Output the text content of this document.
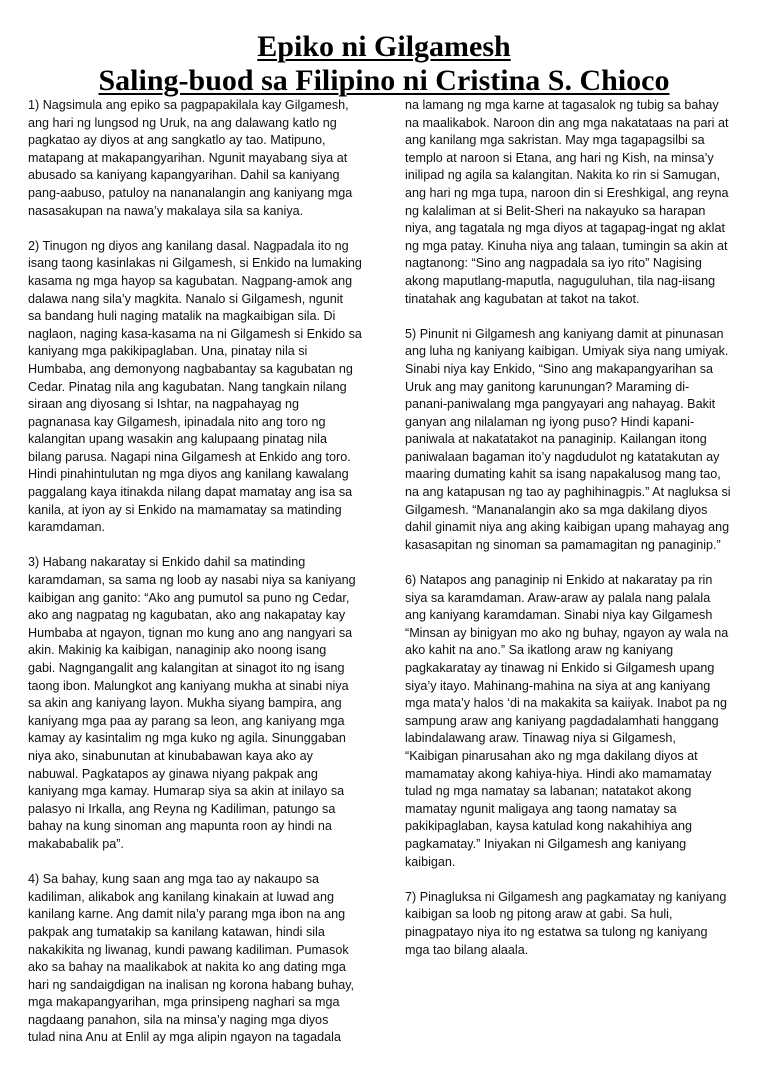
Epiko ni Gilgamesh
Saling-buod sa Filipino ni Cristina S. Chioco

1) Nagsimula ang epiko sa pagpapakilala kay Gilgamesh,
ang hari ng lungsod ng Uruk, na ang dalawang katlo ng
pagkatao ay diyos at ang sangkatlo ay tao. Matipuno,
matapang at makapangyarihan. Ngunit mayabang siya at
abusado sa kaniyang kapangyarihan. Dahil sa kaniyang
pang-aabuso, patuloy na nananalangin ang kaniyang mga
nasasakupan na nawa’y makalaya sila sa kaniya.

2) Tinugon ng diyos ang kanilang dasal. Nagpadala ito ng
isang taong kasinlakas ni Gilgamesh, si Enkido na lumaking
kasama ng mga hayop sa kagubatan. Nagpang-amok ang
dalawa nang sila’y magkita. Nanalo si Gilgamesh, ngunit
sa bandang huli naging matalik na magkaibigan sila. Di
naglaon, naging kasa-kasama na ni Gilgamesh si Enkido sa
kaniyang mga pakikipaglaban. Una, pinatay nila si
Humbaba, ang demonyong nagbabantay sa kagubatan ng
Cedar. Pinatag nila ang kagubatan. Nang tangkain nilang
siraan ang diyosang si Ishtar, na nagpahayag ng
pagnanasa kay Gilgamesh, ipinadala nito ang toro ng
kalangitan upang wasakin ang kalupaang pinatag nila
bilang parusa. Nagapi nina Gilgamesh at Enkido ang toro.
Hindi pinahintulutan ng mga diyos ang kanilang kawalang
paggalang kaya itinakda nilang dapat mamatay ang isa sa
kanila, at iyon ay si Enkido na mamamatay sa matinding
karamdaman.

3) Habang nakaratay si Enkido dahil sa matinding
karamdaman, sa sama ng loob ay nasabi niya sa kaniyang
kaibigan ang ganito: “Ako ang pumutol sa puno ng Cedar,
ako ang nagpatag ng kagubatan, ako ang nakapatay kay
Humbaba at ngayon, tignan mo kung ano ang nangyari sa
akin. Makinig ka kaibigan, nanaginip ako noong isang
gabi. Nagngangalit ang kalangitan at sinagot ito ng isang
taong ibon. Malungkot ang kaniyang mukha at sinabi niya
sa akin ang kaniyang layon. Mukha siyang bampira, ang
kaniyang mga paa ay parang sa leon, ang kaniyang mga
kamay ay kasintalim ng mga kuko ng agila. Sinunggaban
niya ako, sinabunutan at kinubabawan kaya ako ay
nabuwal. Pagkatapos ay ginawa niyang pakpak ang
kaniyang mga kamay. Humarap siya sa akin at inilayo sa
palasyo ni Irkalla, ang Reyna ng Kadiliman, patungo sa
bahay na kung sinoman ang mapunta roon ay hindi na
makababalik pa”.

4) Sa bahay, kung saan ang mga tao ay nakaupo sa
kadiliman, alikabok ang kanilang kinakain at luwad ang
kanilang karne. Ang damit nila’y parang mga ibon na ang
pakpak ang tumatakip sa kanilang katawan, hindi sila
nakakikita ng liwanag, kundi pawang kadiliman. Pumasok
ako sa bahay na maalikabok at nakita ko ang dating mga
hari ng sandaigdigan na inalisan ng korona habang buhay,
mga makapangyarihan, mga prinsipeng naghari sa mga
nagdaang panahon, sila na minsa’y naging mga diyos
tulad nina Anu at Enlil ay mga alipin ngayon na tagadala

na lamang ng mga karne at tagasalok ng tubig sa bahay
na maalikabok. Naroon din ang mga nakatataas na pari at
ang kanilang mga sakristan. May mga tagapagsilbi sa
templo at naroon si Etana, ang hari ng Kish, na minsa’y
inilipad ng agila sa kalangitan. Nakita ko rin si Samugan,
ang hari ng mga tupa, naroon din si Ereshkigal, ang reyna
ng kalaliman at si Belit-Sheri na nakayuko sa harapan
niya, ang tagatala ng mga diyos at tagapag-ingat ng aklat
ng mga patay. Kinuha niya ang talaan, tumingin sa akin at
nagtanong: “Sino ang nagpadala sa iyo rito” Nagising
akong maputlang-maputla, naguguluhan, tila nag-iisang
tinatahak ang kagubatan at takot na takot.

5) Pinunit ni Gilgamesh ang kaniyang damit at pinunasan
ang luha ng kaniyang kaibigan. Umiyak siya nang umiyak.
Sinabi niya kay Enkido, “Sino ang makapangyarihan sa
Uruk ang may ganitong karunungan? Maraming di-
panani-paniwalang mga pangyayari ang nahayag. Bakit
ganyan ang nilalaman ng iyong puso? Hindi kapani-
paniwala at nakatatakot na panaginip. Kailangan itong
paniwalaan bagaman ito’y nagdudulot ng katatakutan ay
maaring dumating kahit sa isang napakalusog mang tao,
na ang katapusan ng tao ay paghihinagpis.” At nagluksa si
Gilgamesh. “Mananalangin ako sa mga dakilang diyos
dahil ginamit niya ang aking kaibigan upang mahayag ang
kasasapitan ng sinoman sa pamamagitan ng panaginip.”

6) Natapos ang panaginip ni Enkido at nakaratay pa rin
siya sa karamdaman. Araw-araw ay palala nang palala
ang kaniyang karamdaman. Sinabi niya kay Gilgamesh
“Minsan ay binigyan mo ako ng buhay, ngayon ay wala na
ako kahit na ano.” Sa ikatlong araw ng kaniyang
pagkakaratay ay tinawag ni Enkido si Gilgamesh upang
siya’y itayo. Mahinang-mahina na siya at ang kaniyang
mga mata’y halos ‘di na makakita sa kaiiyak. Inabot pa ng
sampung araw ang kaniyang pagdadalamhati hanggang
labindalawang araw. Tinawag niya si Gilgamesh,
“Kaibigan pinarusahan ako ng mga dakilang diyos at
mamamatay akong kahiya-hiya. Hindi ako mamamatay
tulad ng mga namatay sa labanan; natatakot akong
mamatay ngunit maligaya ang taong namatay sa
pakikipaglaban, kaysa katulad kong nakahihiya ang
pagkamatay.” Iniyakan ni Gilgamesh ang kaniyang
kaibigan.

7) Pinagluksa ni Gilgamesh ang pagkamatay ng kaniyang
kaibigan sa loob ng pitong araw at gabi. Sa huli,
pinagpatayo niya ito ng estatwa sa tulong ng kaniyang
mga tao bilang alaala.
